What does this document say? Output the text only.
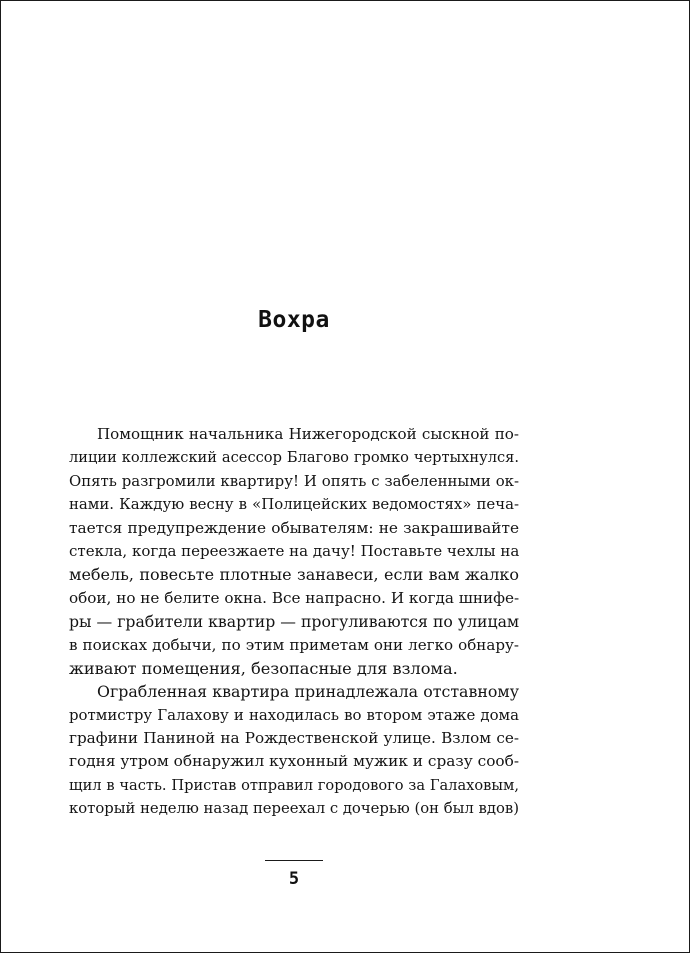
Вохра

Помощник начальника Нижегородской сыскной по-
лиции коллежский асессор Благово громко чертыхнулся.
Опять разгромили квартиру! И опять с забеленными ок-
нами. Каждую весну в «Полицейских ведомостях» печа-
тается предупреждение обывателям: не закрашивайте
стекла, когда переезжаете на дачу! Поставьте чехлы на
мебель, повесьте плотные занавеси, если вам жалко
обои, но не белите окна. Все напрасно. И когда шнифе-
ры — грабители квартир — прогуливаются по улицам
в поисках добычи, по этим приметам они легко обнару-
живают помещения, безопасные для взлома.

Ограбленная квартира принадлежала отставному
ротмистру Галахову и находилась во втором этаже дома
графини Паниной на Рождественской улице. Взлом се-
годня утром обнаружил кухонный мужик и сразу сооб-
щил в часть. Пристав отправил городового за Галаховым,
который неделю назад переехал с дочерью (он был вдов)

5
